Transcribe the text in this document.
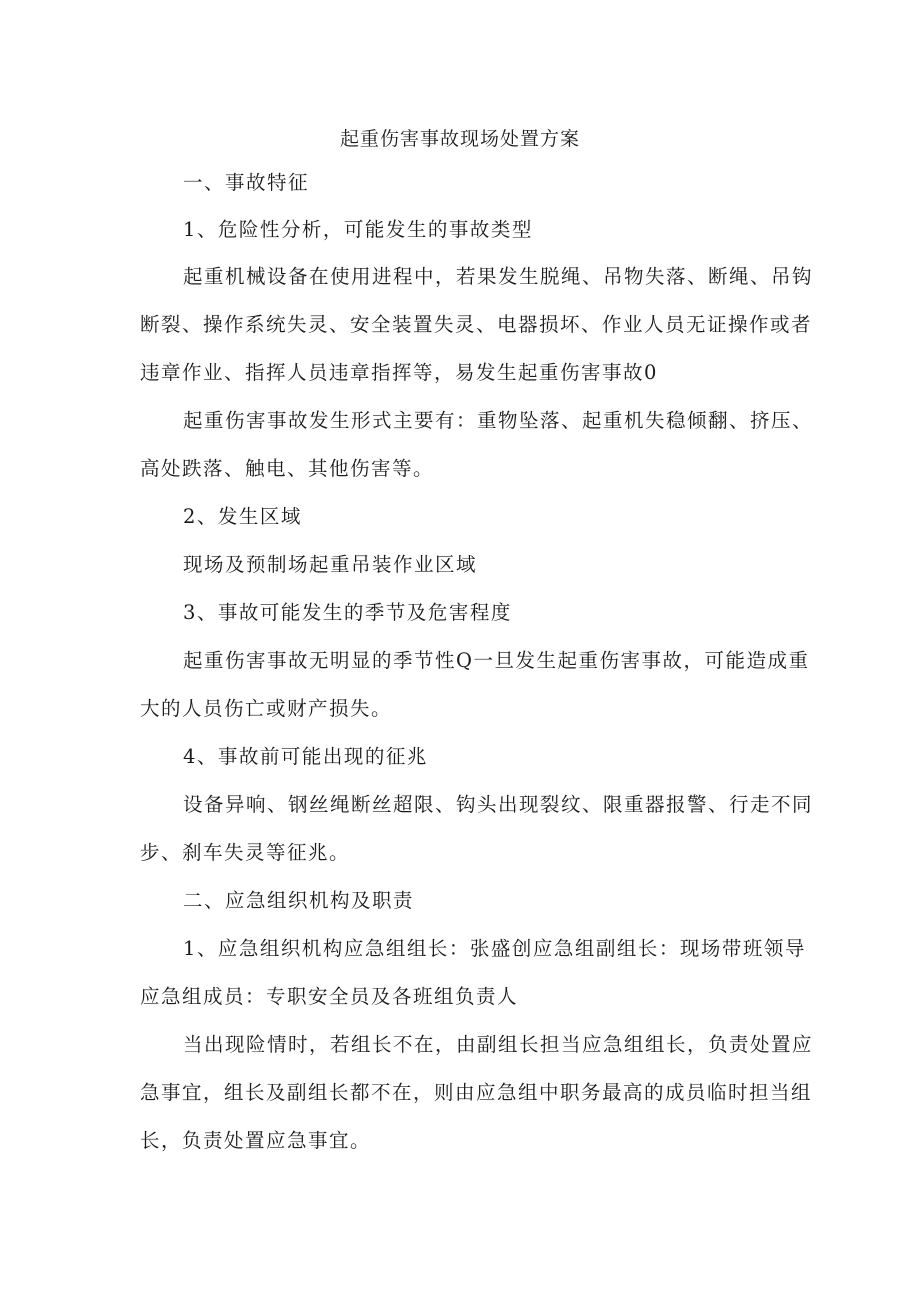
起重伤害事故现场处置方案
一、事故特征
1、危险性分析，可能发生的事故类型
起重机械设备在使用进程中，若果发生脱绳、吊物失落、断绳、吊钩
断裂、操作系统失灵、安全装置失灵、电器损坏、作业人员无证操作或者
违章作业、指挥人员违章指挥等，易发生起重伤害事故0
起重伤害事故发生形式主要有：重物坠落、起重机失稳倾翻、挤压、
高处跌落、触电、其他伤害等。
2、发生区域
现场及预制场起重吊装作业区域
3、事故可能发生的季节及危害程度
起重伤害事故无明显的季节性Q一旦发生起重伤害事故，可能造成重
大的人员伤亡或财产损失。
4、事故前可能出现的征兆
设备异响、钢丝绳断丝超限、钩头出现裂纹、限重器报警、行走不同
步、刹车失灵等征兆。
二、应急组织机构及职责
1、应急组织机构应急组组长：张盛创应急组副组长：现场带班领导
应急组成员：专职安全员及各班组负责人
当出现险情时，若组长不在，由副组长担当应急组组长，负责处置应
急事宜，组长及副组长都不在，则由应急组中职务最高的成员临时担当组
长，负责处置应急事宜。
